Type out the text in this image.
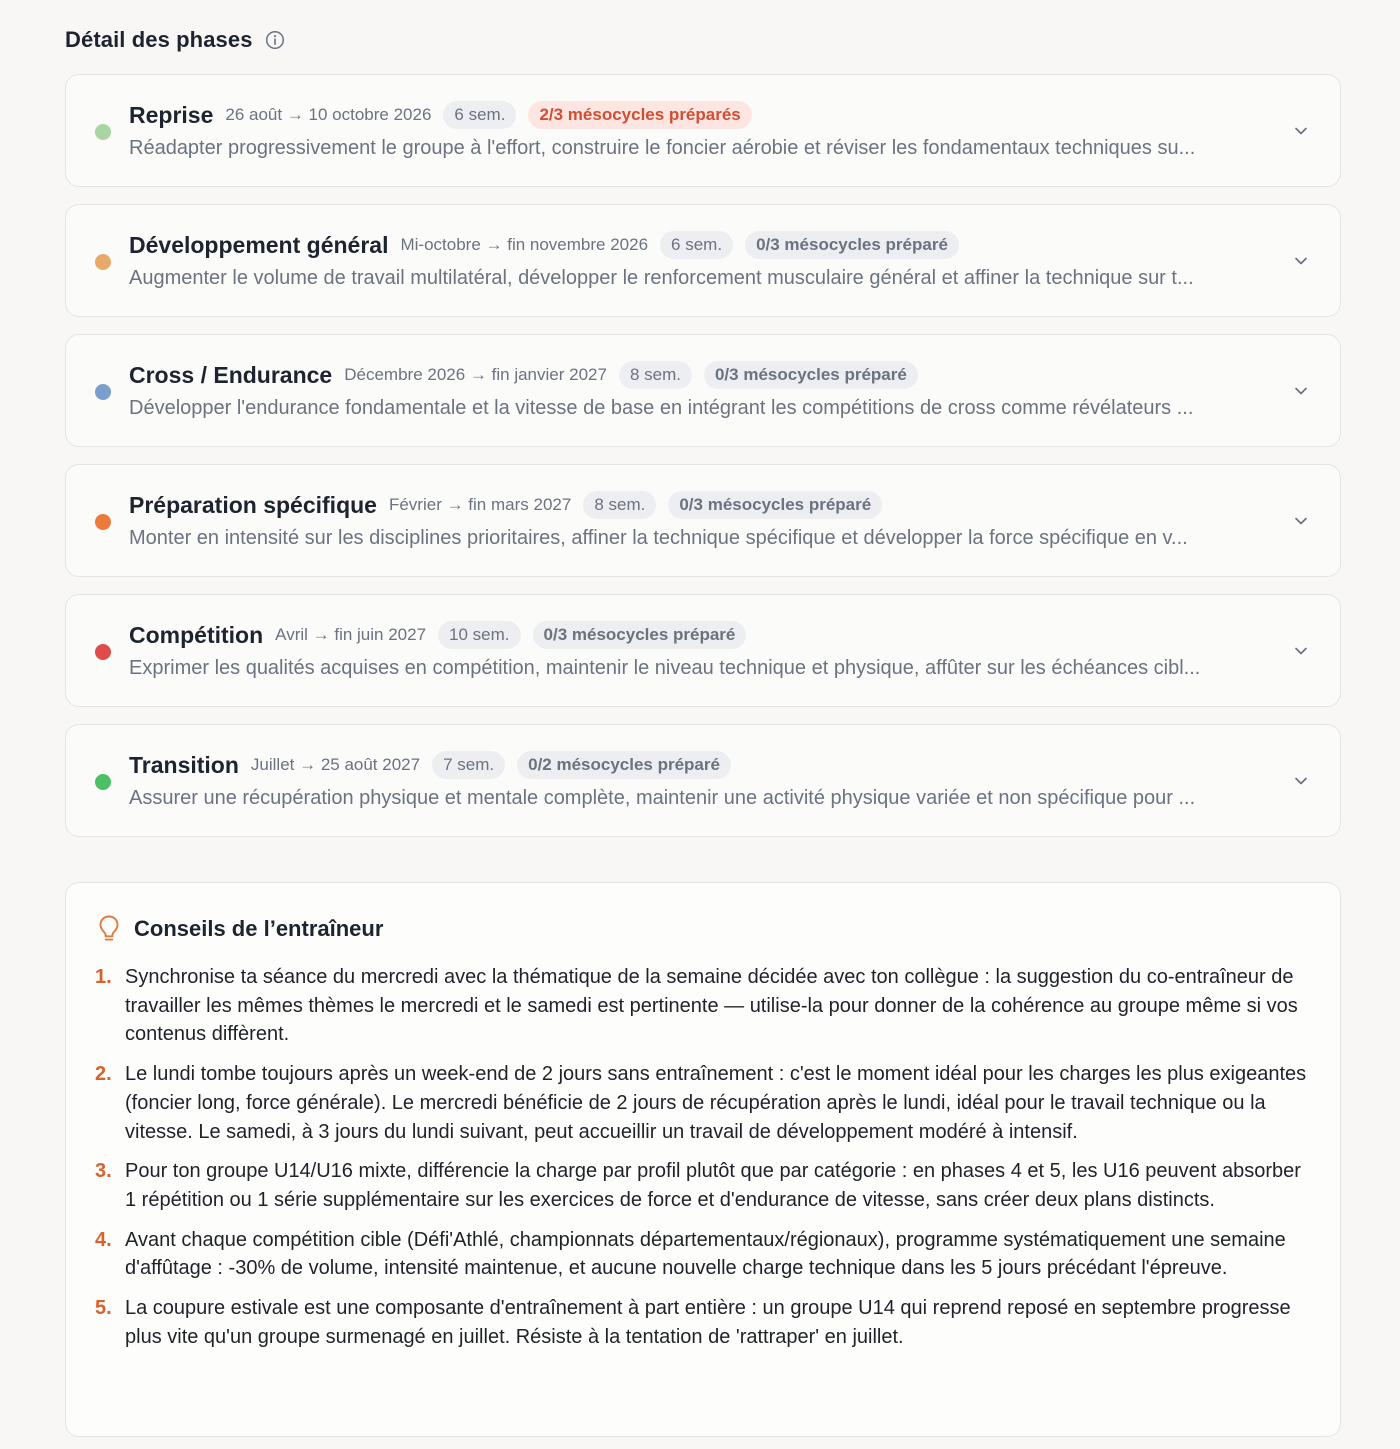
Détail des phases
Reprise 26 août → 10 octobre 2026	6 sem.	2/3 mésocycles préparés
Réadapter progressivement le groupe à l'effort, construire le foncier aérobie et réviser les fondamentaux techniques su...
Développement général Mi-octobre → fin novembre 2026	6 sem.	0/3 mésocycles préparé
Augmenter le volume de travail multilatéral, développer le renforcement musculaire général et affiner la technique sur t...
Cross / Endurance Décembre 2026 → fin janvier 2027	8 sem.	0/3 mésocycles préparé
Développer l'endurance fondamentale et la vitesse de base en intégrant les compétitions de cross comme révélateurs ...
Préparation spécifique Février → fin mars 2027	8 sem.	0/3 mésocycles préparé
Monter en intensité sur les disciplines prioritaires, affiner la technique spécifique et développer la force spécifique en v...
Compétition Avril → fin juin 2027	10 sem.	0/3 mésocycles préparé
Exprimer les qualités acquises en compétition, maintenir le niveau technique et physique, affûter sur les échéances cibl...
Transition Juillet → 25 août 2027	7 sem.	0/2 mésocycles préparé
Assurer une récupération physique et mentale complète, maintenir une activité physique variée et non spécifique pour ...
Conseils de l’entraîneur
1. Synchronise ta séance du mercredi avec la thématique de la semaine décidée avec ton collègue : la suggestion du co-entraîneur de travailler les mêmes thèmes le mercredi et le samedi est pertinente — utilise-la pour donner de la cohérence au groupe même si vos contenus diffèrent.
2. Le lundi tombe toujours après un week-end de 2 jours sans entraînement : c'est le moment idéal pour les charges les plus exigeantes (foncier long, force générale). Le mercredi bénéficie de 2 jours de récupération après le lundi, idéal pour le travail technique ou la vitesse. Le samedi, à 3 jours du lundi suivant, peut accueillir un travail de développement modéré à intensif.
3. Pour ton groupe U14/U16 mixte, différencie la charge par profil plutôt que par catégorie : en phases 4 et 5, les U16 peuvent absorber 1 répétition ou 1 série supplémentaire sur les exercices de force et d'endurance de vitesse, sans créer deux plans distincts.
4. Avant chaque compétition cible (Défi'Athlé, championnats départementaux/régionaux), programme systématiquement une semaine d'affûtage : -30% de volume, intensité maintenue, et aucune nouvelle charge technique dans les 5 jours précédant l'épreuve.
5. La coupure estivale est une composante d'entraînement à part entière : un groupe U14 qui reprend reposé en septembre progresse plus vite qu'un groupe surmenagé en juillet. Résiste à la tentation de 'rattraper' en juillet.
